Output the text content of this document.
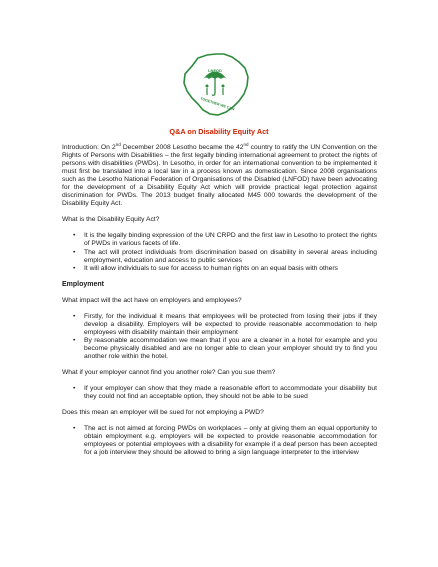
LNFOD
TOGETHER WE CAN
Q&A on Disability Equity Act

Introduction: On 2nd December 2008 Lesotho became the 42nd country to ratify the UN Convention on the Rights of Persons with Disabilities – the first legally binding international agreement to protect the rights of persons with disabilities (PWDs). In Lesotho, in order for an international convention to be implemented it must first be translated into a local law in a process known as domestication. Since 2008 organisations such as the Lesotho National Federation of Organisations of the Disabled (LNFOD) have been advocating for the development of a Disability Equity Act which will provide practical legal protection against discrimination for PWDs. The 2013 budget finally allocated M45 000 towards the development of the Disability Equity Act.

What is the Disability Equity Act?

• It is the legally binding expression of the UN CRPD and the first law in Lesotho to protect the rights of PWDs in various facets of life.
• The act will protect individuals from discrimination based on disability in several areas including employment, education and access to public services
• It will allow individuals to sue for access to human rights on an equal basis with others

Employment

What impact will the act have on employers and employees?

• Firstly, for the individual it means that employees will be protected from losing their jobs if they develop a disability. Employers will be expected to provide reasonable accommodation to help employees with disability maintain their employment
• By reasonable accommodation we mean that if you are a cleaner in a hotel for example and you become physically disabled and are no longer able to clean your employer should try to find you another role within the hotel.

What if your employer cannot find you another role? Can you sue them?

• If your employer can show that they made a reasonable effort to accommodate your disability but they could not find an acceptable option, they should not be able to be sued

Does this mean an employer will be sued for not employing a PWD?

• The act is not aimed at forcing PWDs on workplaces – only at giving them an equal opportunity to obtain employment e.g. employers will be expected to provide reasonable accommodation for employees or potential employees with a disability for example if a deaf person has been accepted for a job interview they should be allowed to bring a sign language interpreter to the interview
